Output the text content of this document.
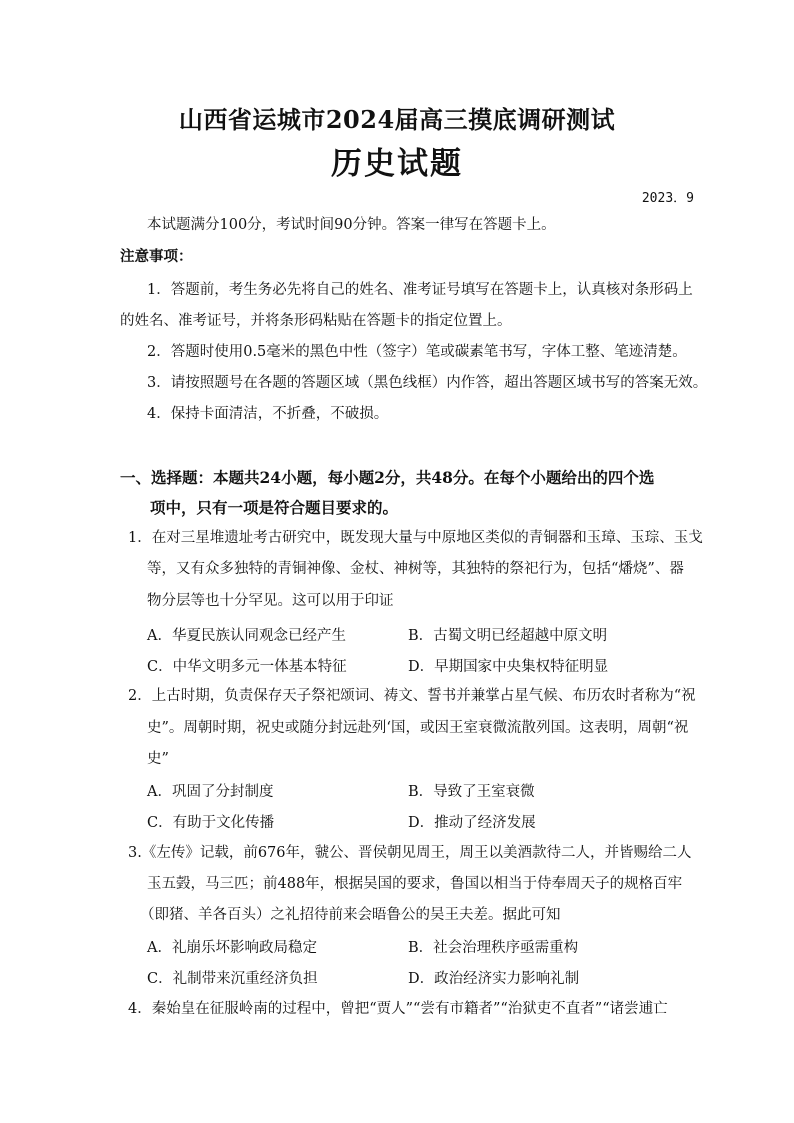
山西省运城市2024届高三摸底调研测试
历史试题
2023．9
本试题满分100分，考试时间90分钟。答案一律写在答题卡上。
注意事项：
1．答题前，考生务必先将自己的姓名、准考证号填写在答题卡上，认真核对条形码上
的姓名、准考证号，并将条形码粘贴在答题卡的指定位置上。
2．答题时使用0.5毫米的黑色中性（签字）笔或碳素笔书写，字体工整、笔迹清楚。
3．请按照题号在各题的答题区域（黑色线框）内作答，超出答题区域书写的答案无效。
4．保持卡面清洁，不折叠，不破损。
一、选择题：本题共24小题，每小题2分，共48分。在每个小题给出的四个选
项中，只有一项是符合题目要求的。
1．在对三星堆遗址考古研究中，既发现大量与中原地区类似的青铜器和玉璋、玉琮、玉戈
等，又有众多独特的青铜神像、金杖、神树等，其独特的祭祀行为，包括“燔烧”、器
物分层等也十分罕见。这可以用于印证
A．华夏民族认同观念已经产生	B．古蜀文明已经超越中原文明
C．中华文明多元一体基本特征	D．早期国家中央集权特征明显
2．上古时期，负责保存天子祭祀颂词、祷文、誓书并兼掌占星气候、布历农时者称为“祝
史”。周朝时期，祝史或随分封远赴列‘国，或因王室衰微流散列国。这表明，周朝“祝
史”
A．巩固了分封制度	B．导致了王室衰微
C．有助于文化传播	D．推动了经济发展
3.《左传》记载，前676年，虢公、晋侯朝见周王，周王以美酒款待二人，并皆赐给二人
玉五瑴，马三匹；前488年，根据吴国的要求，鲁国以相当于侍奉周天子的规格百牢
（即猪、羊各百头）之礼招待前来会晤鲁公的吴王夫差。据此可知
A．礼崩乐坏影响政局稳定	B．社会治理秩序亟需重构
C．礼制带来沉重经济负担	D．政治经济实力影响礼制
4．秦始皇在征服岭南的过程中，曾把“贾人”“尝有市籍者”“治狱吏不直者”“诸尝逋亡
